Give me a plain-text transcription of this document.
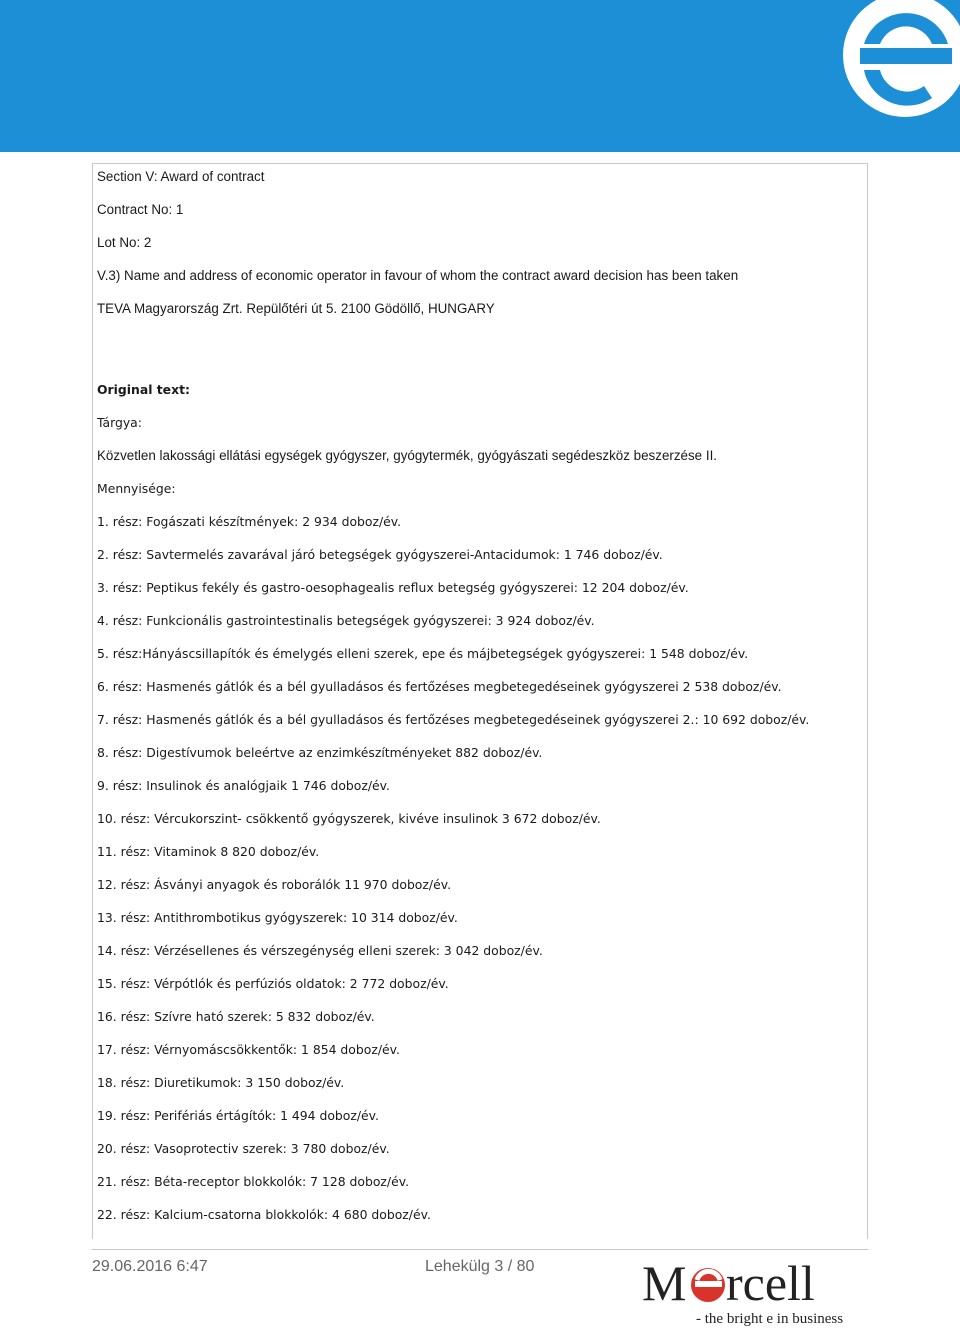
Section V: Award of contract
Contract No: 1
Lot No: 2
V.3) Name and address of economic operator in favour of whom the contract award decision has been taken
TEVA Magyarország Zrt. Repülőtéri út 5. 2100 Gödöllő, HUNGARY
Original text:
Tárgya:
Közvetlen lakossági ellátási egységek gyógyszer, gyógytermék, gyógyászati segédeszköz beszerzése II.
Mennyisége:
1. rész: Fogászati készítmények: 2 934 doboz/év.
2. rész: Savtermelés zavarával járó betegségek gyógyszerei-Antacidumok: 1 746 doboz/év.
3. rész: Peptikus fekély és gastro-oesophagealis reflux betegség gyógyszerei: 12 204 doboz/év.
4. rész: Funkcionális gastrointestinalis betegségek gyógyszerei: 3 924 doboz/év.
5. rész:Hányáscsillapítók és émelygés elleni szerek, epe és májbetegségek gyógyszerei: 1 548 doboz/év.
6. rész: Hasmenés gátlók és a bél gyulladásos és fertőzéses megbetegedéseinek gyógyszerei 2 538 doboz/év.
7. rész: Hasmenés gátlók és a bél gyulladásos és fertőzéses megbetegedéseinek gyógyszerei 2.: 10 692 doboz/év.
8. rész: Digestívumok beleértve az enzimkészítményeket 882 doboz/év.
9. rész: Insulinok és analógjaik 1 746 doboz/év.
10. rész: Vércukorszint- csökkentő gyógyszerek, kivéve insulinok 3 672 doboz/év.
11. rész: Vitaminok 8 820 doboz/év.
12. rész: Ásványi anyagok és roborálók 11 970 doboz/év.
13. rész: Antithrombotikus gyógyszerek: 10 314 doboz/év.
14. rész: Vérzésellenes és vérszegénység elleni szerek: 3 042 doboz/év.
15. rész: Vérpótlók és perfúziós oldatok: 2 772 doboz/év.
16. rész: Szívre ható szerek: 5 832 doboz/év.
17. rész: Vérnyomáscsökkentők: 1 854 doboz/év.
18. rész: Diuretikumok: 3 150 doboz/év.
19. rész: Perifériás értágítók: 1 494 doboz/év.
20. rész: Vasoprotectiv szerek: 3 780 doboz/év.
21. rész: Béta-receptor blokkolók: 7 128 doboz/év.
22. rész: Kalcium-csatorna blokkolók: 4 680 doboz/év.
29.06.2016 6:47	Lehekülg 3 / 80 M rcell
- the bright e in business
